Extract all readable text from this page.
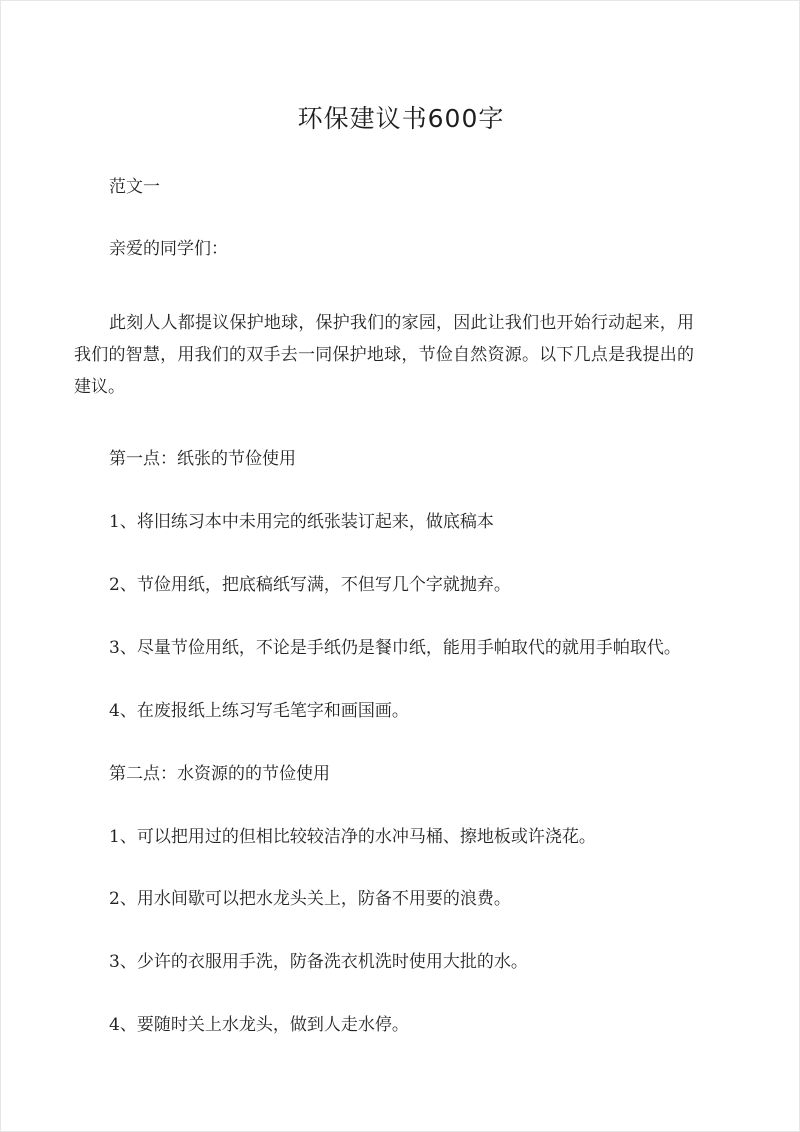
环保建议书600字
范文一
亲爱的同学们：
此刻人人都提议保护地球，保护我们的家园，因此让我们也开始行动起来，用我们的智慧，用我们的双手去一同保护地球，节俭自然资源。以下几点是我提出的建议。
第一点：纸张的节俭使用
1、将旧练习本中未用完的纸张装订起来，做底稿本
2、节俭用纸，把底稿纸写满，不但写几个字就抛弃。
3、尽量节俭用纸，不论是手纸仍是餐巾纸，能用手帕取代的就用手帕取代。
4、在废报纸上练习写毛笔字和画国画。
第二点：水资源的的节俭使用
1、可以把用过的但相比较较洁净的水冲马桶、擦地板或许浇花。
2、用水间歇可以把水龙头关上，防备不用要的浪费。
3、少许的衣服用手洗，防备洗衣机洗时使用大批的水。
4、要随时关上水龙头，做到人走水停。
